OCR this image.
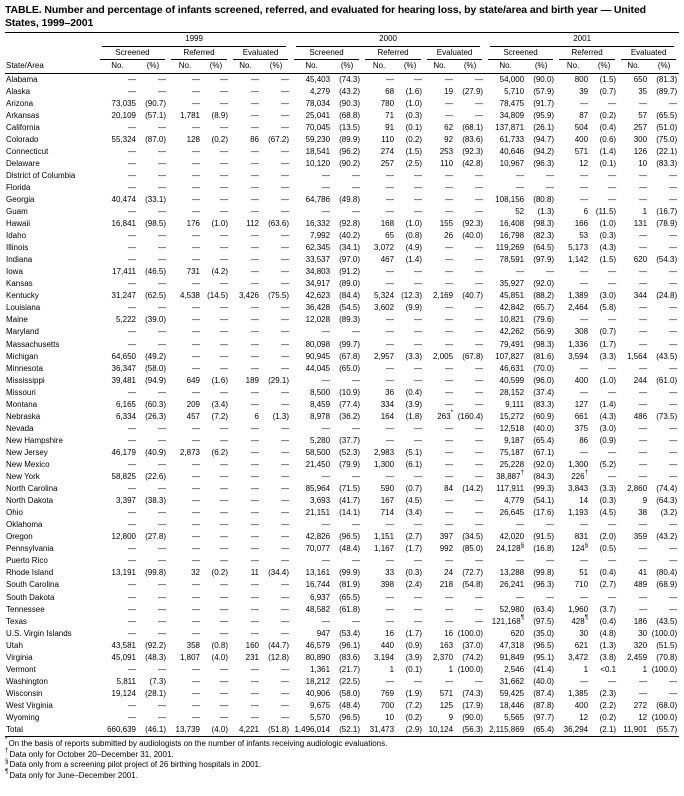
TABLE. Number and percentage of infants screened, referred, and evaluated for hearing loss, by state/area and birth year — United States, 1999–2001
State/Area	1999						2000						2001					

	Screened		Referred		Evaluated		Screened		Referred		Evaluated		Screened		Referred		Evaluated	

	No.	(%)	No.	(%)	No.	(%)	No.	(%)	No.	(%)	No.	(%)	No.	(%)	No.	(%)	No.	(%)
Alabama	—	—	—	—	—	—	45,403	(74.3)	—	—	—	—	54,000	(90.0)	800	(1.5)	650	(81.3)
Alaska	—	—	—	—	—	—	4,279	(43.2)	68	(1.6)	19	(27.9)	5,710	(57.9)	39	(0.7)	35	(89.7)
Arizona	73,035	(90.7)	—	—	—	—	78,034	(90.3)	780	(1.0)	—	—	78,475	(91.7)	—	—	—	—
Arkansas	20,109	(57.1)	1,781	(8.9)	—	—	25,041	(68.8)	71	(0.3)	—	—	34,809	(95.9)	87	(0.2)	57	(65.5)
California	—	—	—	—	—	—	70,045	(13.5)	91	(0.1)	62	(68.1)	137,871	(26.1)	504	(0.4)	257	(51.0)
Colorado	55,324	(87.0)	128	(0.2)	86	(67.2)	59,230	(89.9)	110	(0.2)	92	(83.6)	61,733	(94.7)	400	(0.6)	300	(75.0)
Connecticut	—	—	—	—	—	—	18,541	(96.2)	274	(1.5)	253	(92.3)	40,646	(94.2)	571	(1.4)	126	(22.1)
Delaware	—	—	—	—	—	—	10,120	(90.2)	257	(2.5)	110	(42.8)	10,967	(96.3)	12	(0.1)	10	(83.3)
District of Columbia	—	—	—	—	—	—	—	—	—	—	—	—	—	—	—	—	—	—
Florida	—	—	—	—	—	—	—	—	—	—	—	—	—	—	—	—	—	—
Georgia	40,474	(33.1)	—	—	—	—	64,786	(49.8)	—	—	—	—	108,156	(80.8)	—	—	—	—
Guam	—	—	—	—	—	—	—	—	—	—	—	—	52	(1.3)	6	(11.5)	1	(16.7)
Hawaii	16,841	(98.5)	176	(1.0)	112	(63.6)	16,332	(92.8)	168	(1.0)	155	(92.3)	16,408	(98.3)	166	(1.0)	131	(78.9)
Idaho	—	—	—	—	—	—	7,992	(40.2)	65	(0.8)	26	(40.0)	16,798	(82.3)	53	(0.3)	—	—
Illinois	—	—	—	—	—	—	62,345	(34.1)	3,072	(4.9)	—	—	119,269	(64.5)	5,173	(4.3)	—	—
Indiana	—	—	—	—	—	—	33,537	(97.0)	467	(1.4)	—	—	78,591	(97.9)	1,142	(1.5)	620	(54.3)
Iowa	17,411	(46.5)	731	(4.2)	—	—	34,803	(91.2)	—	—	—	—	—	—	—	—	—	—
Kansas	—	—	—	—	—	—	34,917	(89.0)	—	—	—	—	35,927	(92.0)	—	—	—	—
Kentucky	31,247	(62.5)	4,538	(14.5)	3,426	(75.5)	42,623	(84.4)	5,324	(12.3)	2,169	(40.7)	45,851	(88.2)	1,389	(3.0)	344	(24.8)
Louisiana	—	—	—	—	—	—	36,428	(54.5)	3,602	(9.9)	—	—	42,842	(65.7)	2,464	(5.8)	—	—
Maine	5,222	(39.0)	—	—	—	—	12,028	(89.3)	—	—	—	—	10,821	(79.6)	—	—	—	—
Maryland	—	—	—	—	—	—	—	—	—	—	—	—	42,262	(56.9)	308	(0.7)	—	—
Massachusetts	—	—	—	—	—	—	80,098	(99.7)	—	—	—	—	79,491	(98.3)	1,336	(1.7)	—	—
Michigan	64,650	(49.2)	—	—	—	—	90,945	(67.8)	2,957	(3.3)	2,005	(67.8)	107,827	(81.6)	3,594	(3.3)	1,564	(43.5)
Minnesota	36,347	(58.0)	—	—	—	—	44,045	(65.0)	—	—	—	—	46,631	(70.0)	—	—	—	—
Mississippi	39,481	(94.9)	649	(1.6)	189	(29.1)	—	—	—	—	—	—	40,599	(96.0)	400	(1.0)	244	(61.0)
Missouri	—	—	—	—	—	—	8,500	(10.9)	36	(0.4)	—	—	28,152	(37.4)	—	—	—	—
Montana	6,165	(60.3)	209	(3.4)	—	—	8,459	(77.4)	334	(3.9)	—	—	9,111	(83.3)	127	(1.4)	—	—
Nebraska	6,334	(26.3)	457	(7.2)	6	(1.3)	8,978	(36.2)	164	(1.8)	263*	(160.4)	15,272	(60.9)	661	(4.3)	486	(73.5)
Nevada	—	—	—	—	—	—	—	—	—	—	—	—	12,518	(40.0)	375	(3.0)	—	—
New Hampshire	—	—	—	—	—	—	5,280	(37.7)	—	—	—	—	9,187	(65.4)	86	(0.9)	—	—
New Jersey	46,179	(40.9)	2,873	(6.2)	—	—	58,500	(52.3)	2,983	(5.1)	—	—	75,187	(67.1)	—	—	—	—
New Mexico	—	—	—	—	—	—	21,450	(79.9)	1,300	(6.1)	—	—	25,228	(92.0)	1,300	(5.2)	—	—
New York	58,825	(22.6)	—	—	—	—	—	—	—	—	—	—	38,887†	(84.3)	226†	—	—	—
North Carolina	—	—	—	—	—	—	85,964	(71.5)	590	(0.7)	84	(14.2)	117,911	(99.3)	3,843	(3.3)	2,860	(74.4)
North Dakota	3,397	(38.3)	—	—	—	—	3,693	(41.7)	167	(4.5)	—	—	4,779	(54.1)	14	(0.3)	9	(64.3)
Ohio	—	—	—	—	—	—	21,151	(14.1)	714	(3.4)	—	—	26,645	(17.6)	1,193	(4.5)	38	(3.2)
Oklahoma	—	—	—	—	—	—	—	—	—	—	—	—	—	—	—	—	—	—
Oregon	12,800	(27.8)	—	—	—	—	42,826	(96.5)	1,151	(2.7)	397	(34.5)	42,020	(91.5)	831	(2.0)	359	(43.2)
Pennsylvania	—	—	—	—	—	—	70,077	(48.4)	1,167	(1.7)	992	(85.0)	24,128§	(16.8)	124§	(0.5)	—	—
Puerto Rico	—	—	—	—	—	—	—	—	—	—	—	—	—	—	—	—	—	—
Rhode Island	13,191	(99.8)	32	(0.2)	11	(34.4)	13,161	(99.9)	33	(0.3)	24	(72.7)	13,288	(99.8)	51	(0.4)	41	(80.4)
South Carolina	—	—	—	—	—	—	16,744	(81.9)	398	(2.4)	218	(54.8)	26,241	(96.3)	710	(2.7)	489	(68.9)
South Dakota	—	—	—	—	—	—	6,937	(65.5)	—	—	—	—	—	—	—	—	—	—
Tennessee	—	—	—	—	—	—	48,582	(61.8)	—	—	—	—	52,980	(63.4)	1,960	(3.7)	—	—
Texas	—	—	—	—	—	—	—	—	—	—	—	—	121,168¶	(97.5)	428¶	(0.4)	186	(43.5)
U.S. Virgin Islands	—	—	—	—	—	—	947	(53.4)	16	(1.7)	16	(100.0)	620	(35.0)	30	(4.8)	30	(100.0)
Utah	43,581	(92.2)	358	(0.8)	160	(44.7)	46,579	(96.1)	440	(0.9)	163	(37.0)	47,318	(96.5)	621	(1.3)	320	(51.5)
Virginia	45,091	(48.3)	1,807	(4.0)	231	(12.8)	80,890	(83.6)	3,194	(3.9)	2,370	(74.2)	91,849	(95.1)	3,472	(3.8)	2,459	(70.8)
Vermont	—	—	—	—	—	—	1,361	(21.7)	1	(0.1)	1	(100.0)	2,546	(41.4)	1	<0.1	1	(100.0)
Washington	5,811	(7.3)	—	—	—	—	18,212	(22.5)	—	—	—	—	31,662	(40.0)	—	—	—	—
Wisconsin	19,124	(28.1)	—	—	—	—	40,906	(58.0)	769	(1.9)	571	(74.3)	59,425	(87.4)	1,385	(2.3)	—	—
West Virginia	—	—	—	—	—	—	9,675	(48.4)	700	(7.2)	125	(17.9)	18,446	(87.8)	400	(2.2)	272	(68.0)
Wyoming	—	—	—	—	—	—	5,570	(96.5)	10	(0.2)	9	(90.0)	5,565	(97.7)	12	(0.2)	12	(100.0)
Total	660,639	(46.1)	13,739	(4.0)	4,221	(51.8)	1,496,014	(52.1)	31,473	(2.9)	10,124	(56.3)	2,115,869	(65.4)	36,294	(2.1)	11,901	(55.7)
*On the basis of reports submitted by audiologists on the number of infants receiving audiologic evaluations.
†Data only for October 20–December 31, 2001.
§Data only from a screening pilot project of 26 birthing hospitals in 2001.
¶Data only for June–December 2001.
